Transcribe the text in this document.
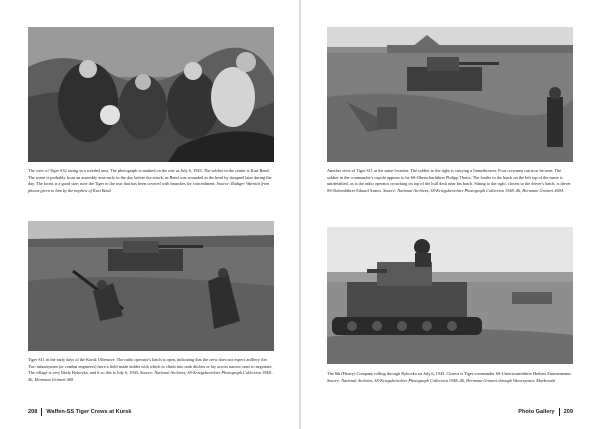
The crew of Tiger S32 eating in a weeded area. The photograph is marked on the rear as July 6, 1943. The soldier in the center is Kurt Bend. The scene is probably from an assembly area early in the day before the attack, as Bend was wounded in the head by shrapnel later during the day. The forest is a good size; note the Tiger to the rear that has been covered with branches for concealment. Source: Rüdiger Warnick from photos given to him by the nephew of Kurt Bend

Another view of Tiger S11 at the same location. The soldier to the right is carrying a flamethrower. Four crewmen can now be seen. The soldier in the commander's cupola appears to be SS-Oberscharführer Philipp Theiss. The loader in the hatch on the left top of the turret is unidentified, as is the radio operator crouching on top of the hull deck near his hatch. Sitting to the right, closest to the driver's hatch, is driver SS-Rottenführer Eduard Armes. Source: National Archives, SS-Kriegsberichter Photograph Collection 1948–46, Hermann Grimert 469A

Tiger S11 in the early days of the Kursk Offensive. The radio operator's hatch is open, indicating that the crew does not expect artillery fire. Two infantrymen (or combat engineers) have a field-made ladder with which to climb into tank ditches or lay across narrow ones to negotiate. The village is very likely Bykovka, and if so this is July 6, 1943. Source: National Archives, SS-Kriegsberichter Photograph Collection 1948–46, Hermann Grimert 469

The 8th (Heavy) Company rolling through Bykovka on July 6, 1943. Closest is Tiger commander SS-Untersturmführer Herbert Zimmermann. Source: National Archives, SS-Kriegsberichter Photograph Collection 1948–46, Hermann Grimert through Wawrzynsiec Markowski

208 Waffen-SS Tiger Crews at Kursk	Photo Gallery 209
